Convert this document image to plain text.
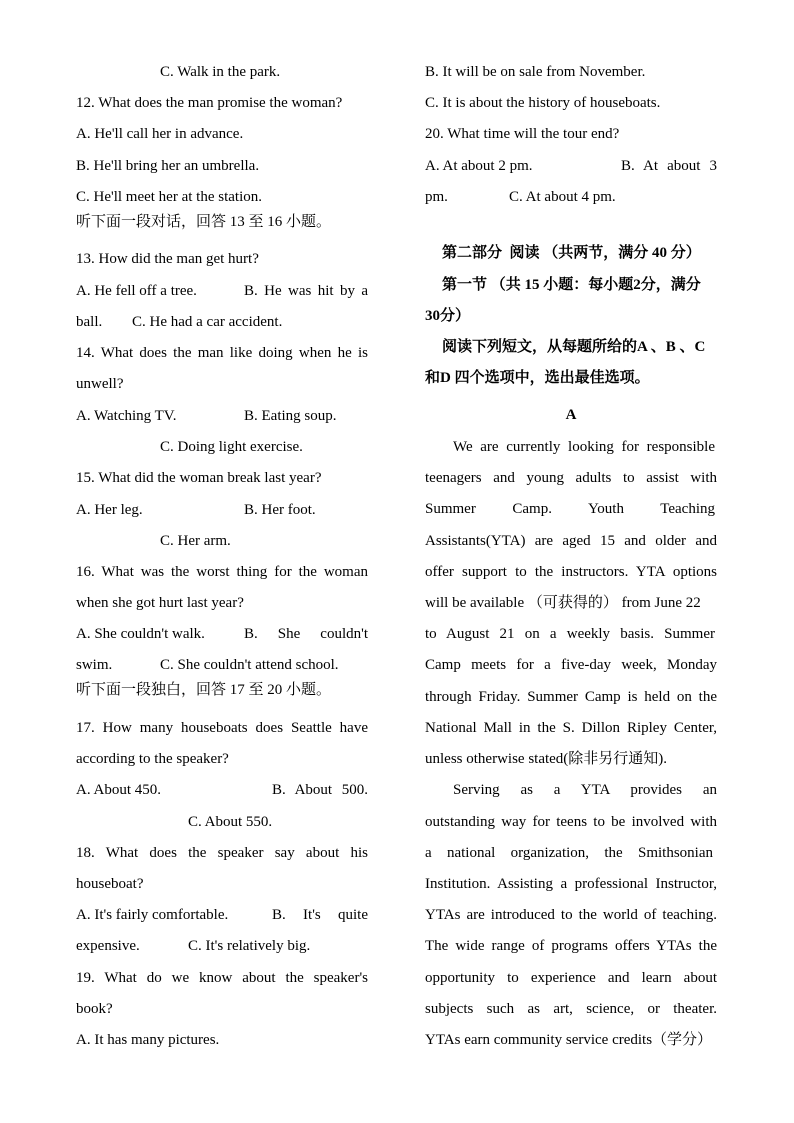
C. Walk in the park.
12. What does the man promise the woman?
A. He'll call her in advance.
B. He'll bring her an umbrella.
C. He'll meet her at the station.
听下面一段对话，回答 13 至 16 小题。
13. How did the man get hurt?
A. He fell off a tree.	B. He was hit by a
ball. C. He had a car accident.
14. What does the man like doing when he is
unwell?
A. Watching TV.	B. Eating soup.
C. Doing light exercise.
15. What did the woman break last year?
A. Her leg.	B. Her foot.
C. Her arm.
16. What was the worst thing for the woman
when she got hurt last year?
A. She couldn't walk.	B. She couldn't
swim.	C. She couldn't attend school.
听下面一段独白，回答 17 至 20 小题。
17. How many houseboats does Seattle have
according to the speaker?
A. About 450.	B. About 500.
C. About 550.
18. What does the speaker say about his
houseboat?
A. It's fairly comfortable.	B. It's quite
expensive.	C. It's relatively big.
19. What do we know about the speaker's
book?
A. It has many pictures.
B. It will be on sale from November.
C. It is about the history of houseboats.
20. What time will the tour end?
A. At about 2 pm.	B. At about 3
pm.	C. At about 4 pm.
第二部分  阅读 （共两节，满分 40 分）
第一节 （共 15 小题：每小题2分，满分
30分）
阅读下列短文，从每题所给的A 、B 、C
和D 四个选项中，选出最佳选项。
A
We are currently looking for responsible
teenagers and young adults to assist with
Summer Camp. Youth Teaching
Assistants(YTA) are aged 15 and older and
offer support to the instructors. YTA options
will be available （可获得的） from June 22
to August 21 on a weekly basis. Summer
Camp meets for a five-day week, Monday
through Friday. Summer Camp is held on the
National Mall in the S. Dillon Ripley Center,
unless otherwise stated(除非另行通知).
Serving as a YTA provides an
outstanding way for teens to be involved with
a national organization, the Smithsonian
Institution. Assisting a professional Instructor,
YTAs are introduced to the world of teaching.
The wide range of programs offers YTAs the
opportunity to experience and learn about
subjects such as art, science, or theater.
YTAs earn community service credits（学分）
